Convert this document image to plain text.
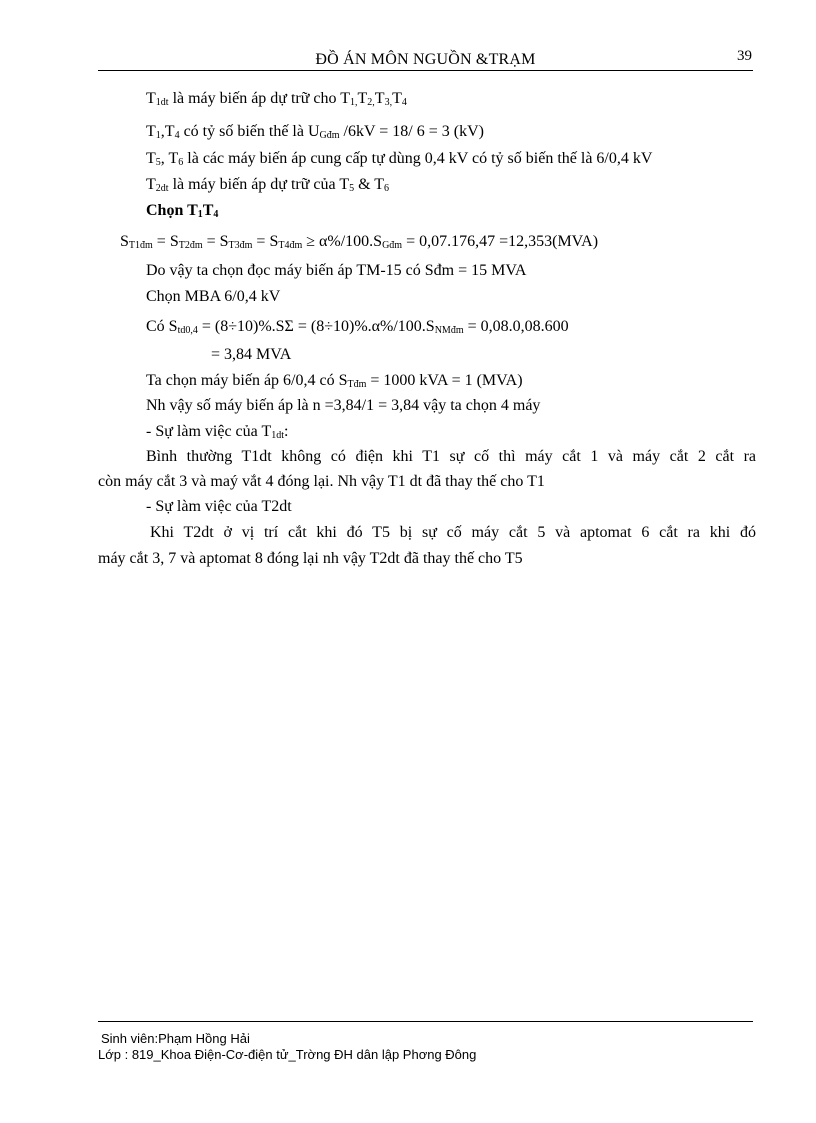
ĐỒ ÁN MÔN NGUỒN &TRẠM	39
$T_{1dt}$ là máy biến áp dự trữ cho $T_{1,}T_{2,}T_{3,}T_4$
$T_1,T_4$ có tỷ số biến thế là $U_{Gđm}$ /6kV = 18/ 6 = 3 (kV)
$T_5$, $T_6$ là các máy biến áp cung cấp tự dùng 0,4 kV có tỷ số biến thế là 6/0,4 kV
$T_{2dt}$ là máy biến áp dự trữ của $T_5$ & $T_6$
Chọn $T_1T_4$
$S_{T1đm} = S_{T2đm} = S_{T3đm} = S_{T4đm} \ge \alpha\%/100.S_{Gđm} = 0,07.176,47 =12,353(MVA)$
Do vậy ta chọn đọc máy biến áp TM-15 có Sđm = 15 MVA
Chọn MBA 6/0,4 kV
Có $S_{td0,4} = (8\div 10)\%.S\Sigma = (8\div 10)\%.\alpha\%/100.S_{NMđm} = 0,08.0,08.600$
= 3,84 MVA
Ta chọn máy biến áp 6/0,4 có $S_{Tđm} = 1000$ kVA = 1 (MVA)
Nh vậy số máy biến áp là n =3,84/1 = 3,84 vậy ta chọn 4 máy
- Sự làm việc của $T_{1dt}$:
Bình thường T1dt không có điện khi T1 sự cố thì máy cắt 1 và máy cắt 2 cắt ra
còn máy cắt 3 và maý vắt 4 đóng lại. Nh vậy T1 dt đã thay thế cho T1
- Sự làm việc của T2dt
Khi T2dt ở vị trí cắt khi đó T5 bị sự cố máy cắt 5 và aptomat 6 cắt ra khi đó
máy cắt 3, 7 và aptomat 8 đóng lại nh vậy T2dt đã thay thế cho T5
Sinh viên:Phạm Hồng Hải
Lớp : 819_Khoa Điện-Cơ-điện tử_Trờng ĐH dân lập Phơng Đông
